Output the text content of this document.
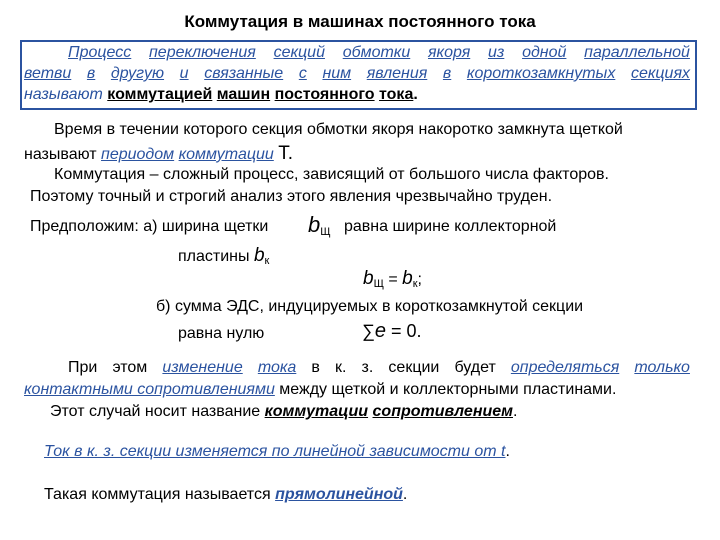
Коммутация в машинах постоянного тока
Процесс переключения секций обмотки якоря из одной параллельной
ветви в другую и связанные с ним явления в короткозамкнутых секциях
называют коммутацией машин постоянного тока.
Время в течении которого секция обмотки якоря накоротко замкнута щеткой
называют периодом коммутации Т.
Коммутация – сложный процесс, зависящий от большого числа факторов.
Поэтому точный и строгий анализ этого явления чрезвычайно труден.
Предположим: а) ширина щетки $b_Щ$ равна ширине коллекторной
пластины $b_к$
$b_Щ = b_к$;
б) сумма ЭДС, индуцируемых в короткозамкнутой секции
равна нулю	∑е = 0.
При этом изменение тока в к. з. секции будет определяться только
контактными сопротивлениями между щеткой и коллекторными пластинами.
Этот случай носит название коммутации сопротивлением.
Ток в к. з. секции изменяется по линейной зависимости от t.
Такая коммутация называется прямолинейной.
